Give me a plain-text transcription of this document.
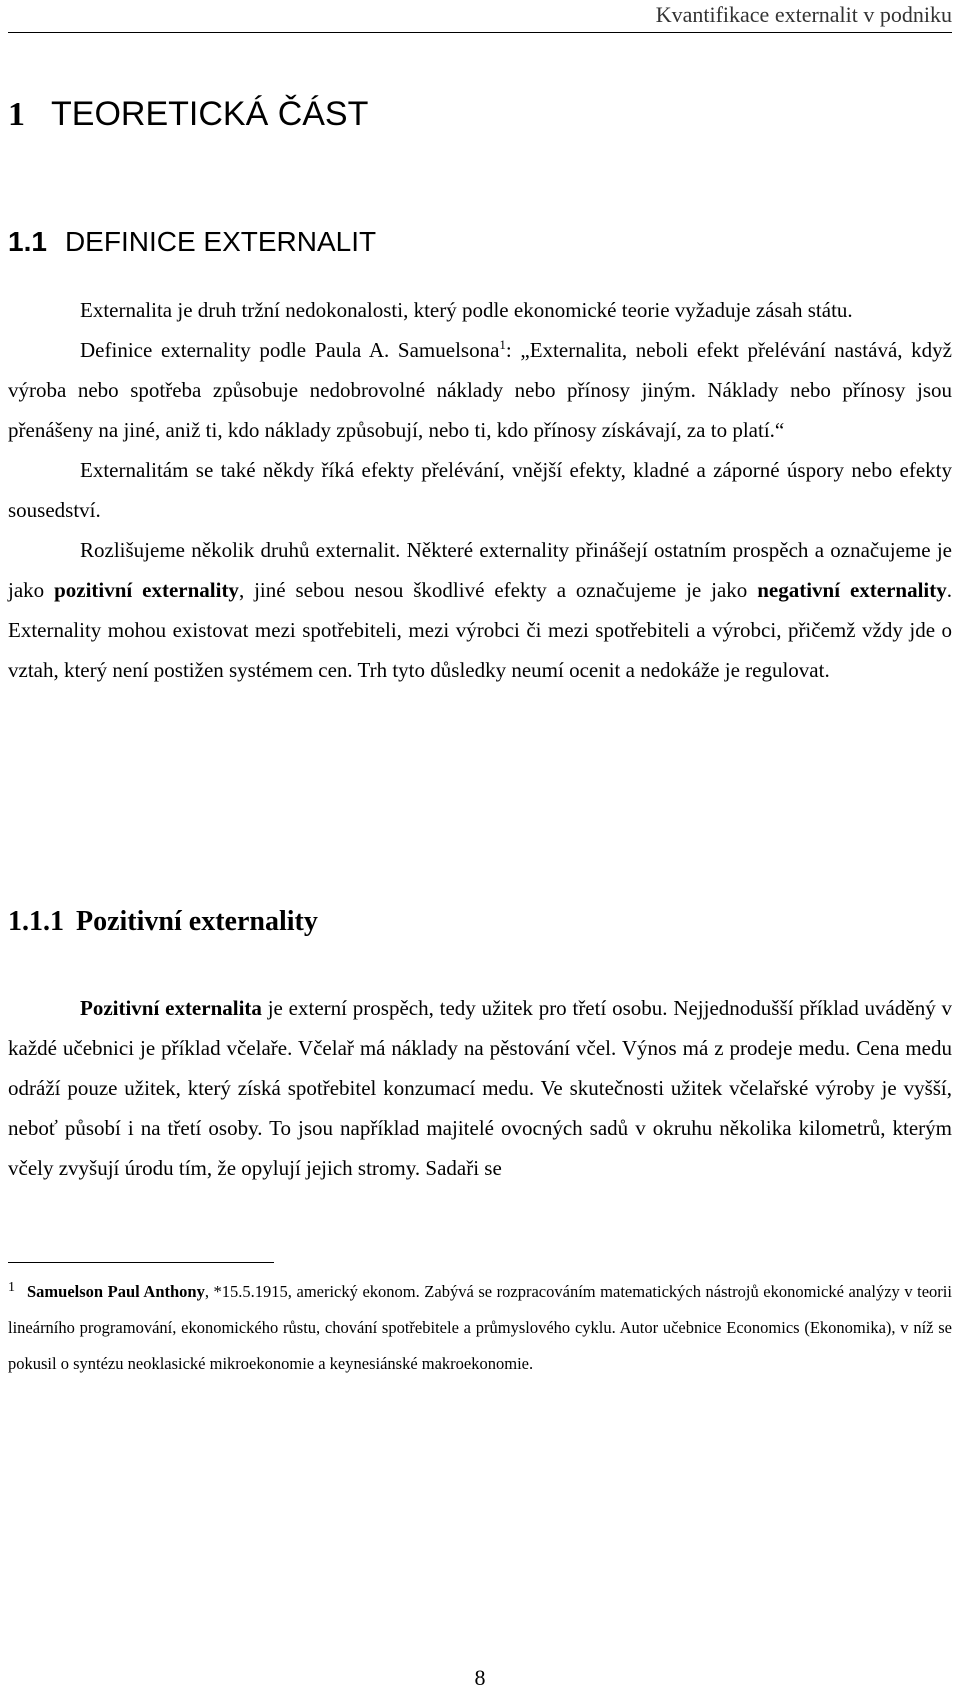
Kvantifikace externalit v podniku
1 TEORETICKÁ ČÁST
1.1 DEFINICE EXTERNALIT

Externalita je druh tržní nedokonalosti, který podle ekonomické teorie vyžaduje zásah státu.

Definice externality podle Paula A. Samuelsona$^1$: „Externalita, neboli efekt přelévání nastává, když výroba nebo spotřeba způsobuje nedobrovolné náklady nebo přínosy jiným. Náklady nebo přínosy jsou přenášeny na jiné, aniž ti, kdo náklady způsobují, nebo ti, kdo přínosy získávají, za to platí.“

Externalitám se také někdy říká efekty přelévání, vnější efekty, kladné a záporné úspory nebo efekty sousedství.

Rozlišujeme několik druhů externalit. Některé externality přinášejí ostatním prospěch a označujeme je jako pozitivní externality, jiné sebou nesou škodlivé efekty a označujeme je jako negativní externality. Externality mohou existovat mezi spotřebiteli, mezi výrobci či mezi spotřebiteli a výrobci, přičemž vždy jde o vztah, který není postižen systémem cen. Trh tyto důsledky neumí ocenit a nedokáže je regulovat.

1.1.1 Pozitivní externality

Pozitivní externalita je externí prospěch, tedy užitek pro třetí osobu. Nejjednodušší příklad uváděný v každé učebnici je příklad včelaře. Včelař má náklady na pěstování včel. Výnos má z prodeje medu. Cena medu odráží pouze užitek, který získá spotřebitel konzumací medu. Ve skutečnosti užitek včelařské výroby je vyšší, neboť působí i na třetí osoby. To jsou například majitelé ovocných sadů v okruhu několika kilometrů, kterým včely zvyšují úrodu tím, že opylují jejich stromy. Sadaři se

$^1$ Samuelson Paul Anthony, *15.5.1915, americký ekonom. Zabývá se rozpracováním matematických nástrojů ekonomické analýzy v teorii lineárního programování, ekonomického růstu, chování spotřebitele a průmyslového cyklu. Autor učebnice Economics (Ekonomika), v níž se pokusil o syntézu neoklasické mikroekonomie a keynesiánské makroekonomie.

8
